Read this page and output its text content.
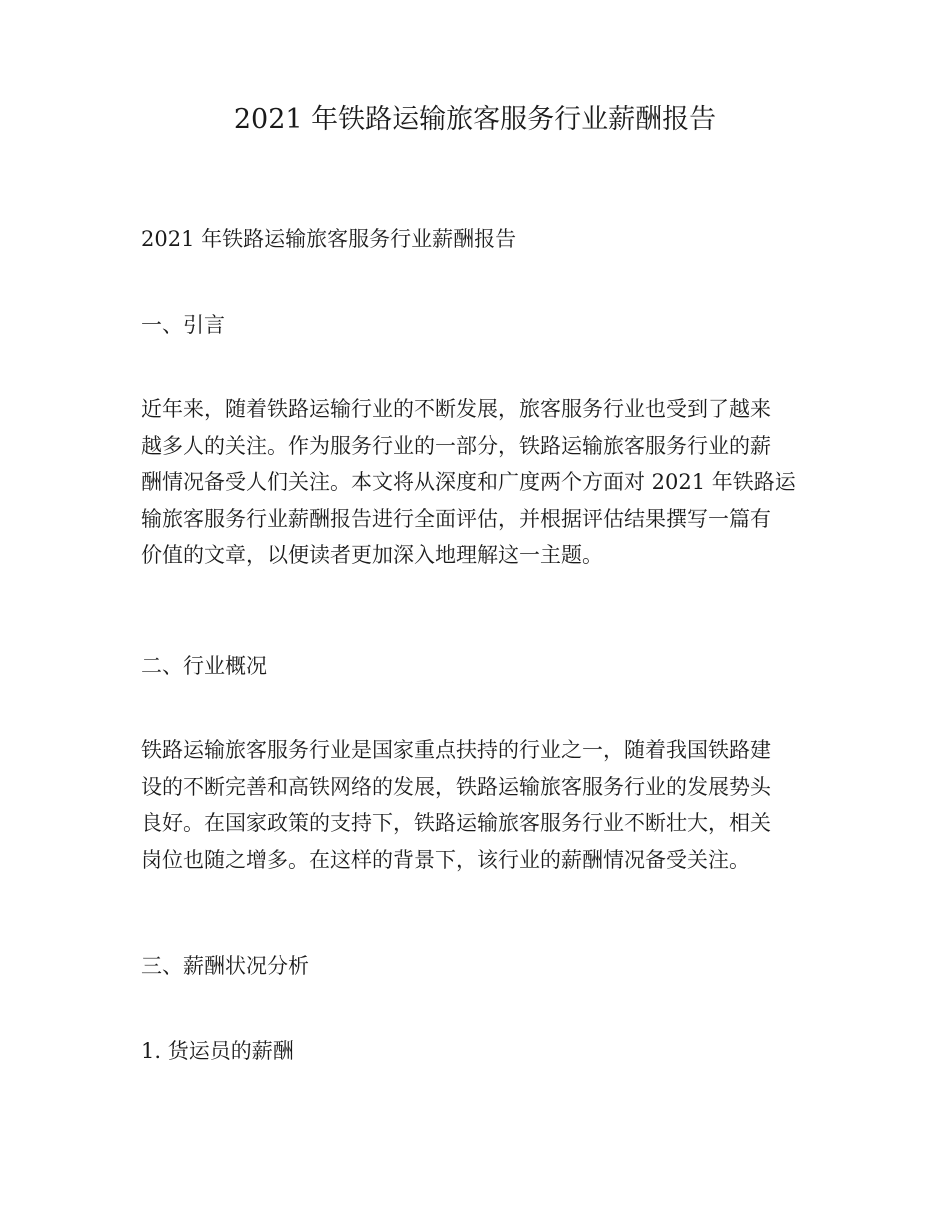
2021 年铁路运输旅客服务行业薪酬报告
2021 年铁路运输旅客服务行业薪酬报告
一、引言
近年来，随着铁路运输行业的不断发展，旅客服务行业也受到了越来
越多人的关注。作为服务行业的一部分，铁路运输旅客服务行业的薪
酬情况备受人们关注。本文将从深度和广度两个方面对 2021 年铁路运
输旅客服务行业薪酬报告进行全面评估，并根据评估结果撰写一篇有
价值的文章，以便读者更加深入地理解这一主题。
二、行业概况
铁路运输旅客服务行业是国家重点扶持的行业之一，随着我国铁路建
设的不断完善和高铁网络的发展，铁路运输旅客服务行业的发展势头
良好。在国家政策的支持下，铁路运输旅客服务行业不断壮大，相关
岗位也随之增多。在这样的背景下，该行业的薪酬情况备受关注。
三、薪酬状况分析
1. 货运员的薪酬
